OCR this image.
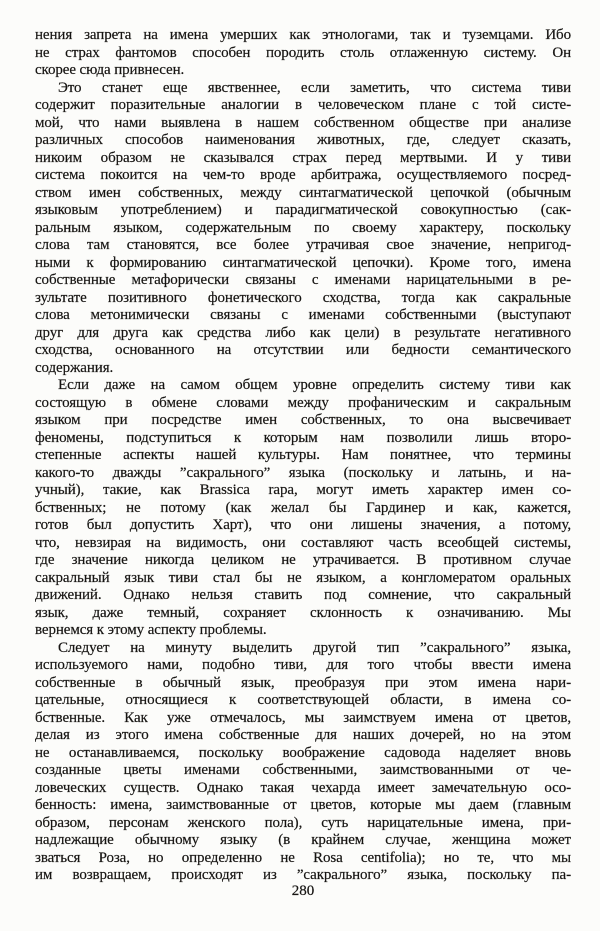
нения запрета на имена умерших как этнологами, так и туземцами. Ибо
не страх фантомов способен породить столь отлаженную систему. Он
скорее сюда привнесен.
Это станет еще явственнее, если заметить, что система тиви
содержит поразительные аналогии в человеческом плане с той систе-
мой, что нами выявлена в нашем собственном обществе при анализе
различных способов наименования животных, где, следует сказать,
никоим образом не сказывался страх перед мертвыми. И у тиви
система покоится на чем-то вроде арбитража, осуществляемого посред-
ством имен собственных, между синтагматической цепочкой (обычным
языковым употреблением) и парадигматической совокупностью (сак-
ральным языком, содержательным по своему характеру, поскольку
слова там становятся, все более утрачивая свое значение, непригод-
ными к формированию синтагматической цепочки). Кроме того, имена
собственные метафорически связаны с именами нарицательными в ре-
зультате позитивного фонетического сходства, тогда как сакральные
слова метонимически связаны с именами собственными (выступают
друг для друга как средства либо как цели) в результате негативного
сходства, основанного на отсутствии или бедности семантического
содержания.
Если даже на самом общем уровне определить систему тиви как
состоящую в обмене словами между профаническим и сакральным
языком при посредстве имен собственных, то она высвечивает
феномены, подступиться к которым нам позволили лишь второ-
степенные аспекты нашей культуры. Нам понятнее, что термины
какого-то дважды ”сакрального” языка (поскольку и латынь, и на-
учный), такие, как Brassica rapa, могут иметь характер имен со-
бственных; не потому (как желал бы Гардинер и как, кажется,
готов был допустить Харт), что они лишены значения, а потому,
что, невзирая на видимость, они составляют часть всеобщей системы,
где значение никогда целиком не утрачивается. В противном случае
сакральный язык тиви стал бы не языком, а конгломератом оральных
движений. Однако нельзя ставить под сомнение, что сакральный
язык, даже темный, сохраняет склонность к означиванию. Мы
вернемся к этому аспекту проблемы.
Следует на минуту выделить другой тип ”сакрального” языка,
используемого нами, подобно тиви, для того чтобы ввести имена
собственные в обычный язык, преобразуя при этом имена нари-
цательные, относящиеся к соответствующей области, в имена со-
бственные. Как уже отмечалось, мы заимствуем имена от цветов,
делая из этого имена собственные для наших дочерей, но на этом
не останавливаемся, поскольку воображение садовода наделяет вновь
созданные цветы именами собственными, заимствованными от че-
ловеческих существ. Однако такая чехарда имеет замечательную осо-
бенность: имена, заимствованные от цветов, которые мы даем (главным
образом, персонам женского пола), суть нарицательные имена, при-
надлежащие обычному языку (в крайнем случае, женщина может
зваться Роза, но определенно не Rosa centifolia); но те, что мы
им возвращаем, происходят из ”сакрального” языка, поскольку па-
280
